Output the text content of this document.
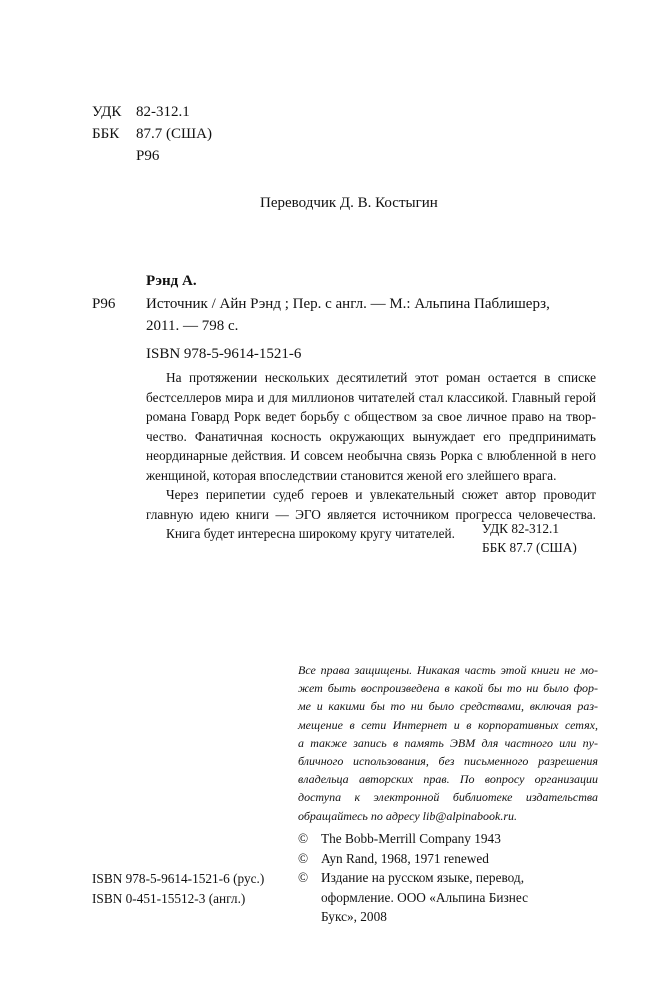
УДК 82-312.1
ББК	87.7 (США)
Р96
Переводчик Д. В. Костыгин
Рэнд А.
Р96 Источник / Айн Рэнд ; Пер. с англ. — М.: Альпина Паблишерз,
2011. — 798 с.
ISBN 978-5-9614-1521-6
На протяжении нескольких десятилетий этот роман остается в списке
бестселлеров мира и для миллионов читателей стал классикой. Главный герой
романа Говард Рорк ведет борьбу с обществом за свое личное право на твор-
чество. Фанатичная косность окружающих вынуждает его предпринимать
неординарные действия. И совсем необычна связь Рорка с влюбленной в него
женщиной, которая впоследствии становится женой его злейшего врага.
Через перипетии судеб героев и увлекательный сюжет автор проводит
главную идею книги — ЭГО является источником прогресса человечества.
Книга будет интересна широкому кругу читателей.	УДК 82-312.1
ББК 87.7 (США)
Все права защищены. Никакая часть этой книги не мо-
жет быть воспроизведена в какой бы то ни было фор-
ме и какими бы то ни было средствами, включая раз-
мещение в сети Интернет и в корпоративных сетях,
а также запись в память ЭВМ для частного или пу-
бличного использования, без письменного разрешения
владельца авторских прав. По вопросу организации
доступа к электронной библиотеке издательства
обращайтесь по адресу lib@alpinabook.ru.
© The Bobb-Merrill Company 1943
© Ayn Rand, 1968, 1971 renewed
© Издание на русском языке, перевод,
оформление. ООО «Альпина Бизнес
Букс», 2008
ISBN 978-5-9614-1521-6 (рус.)
ISBN 0-451-15512-3 (англ.)
